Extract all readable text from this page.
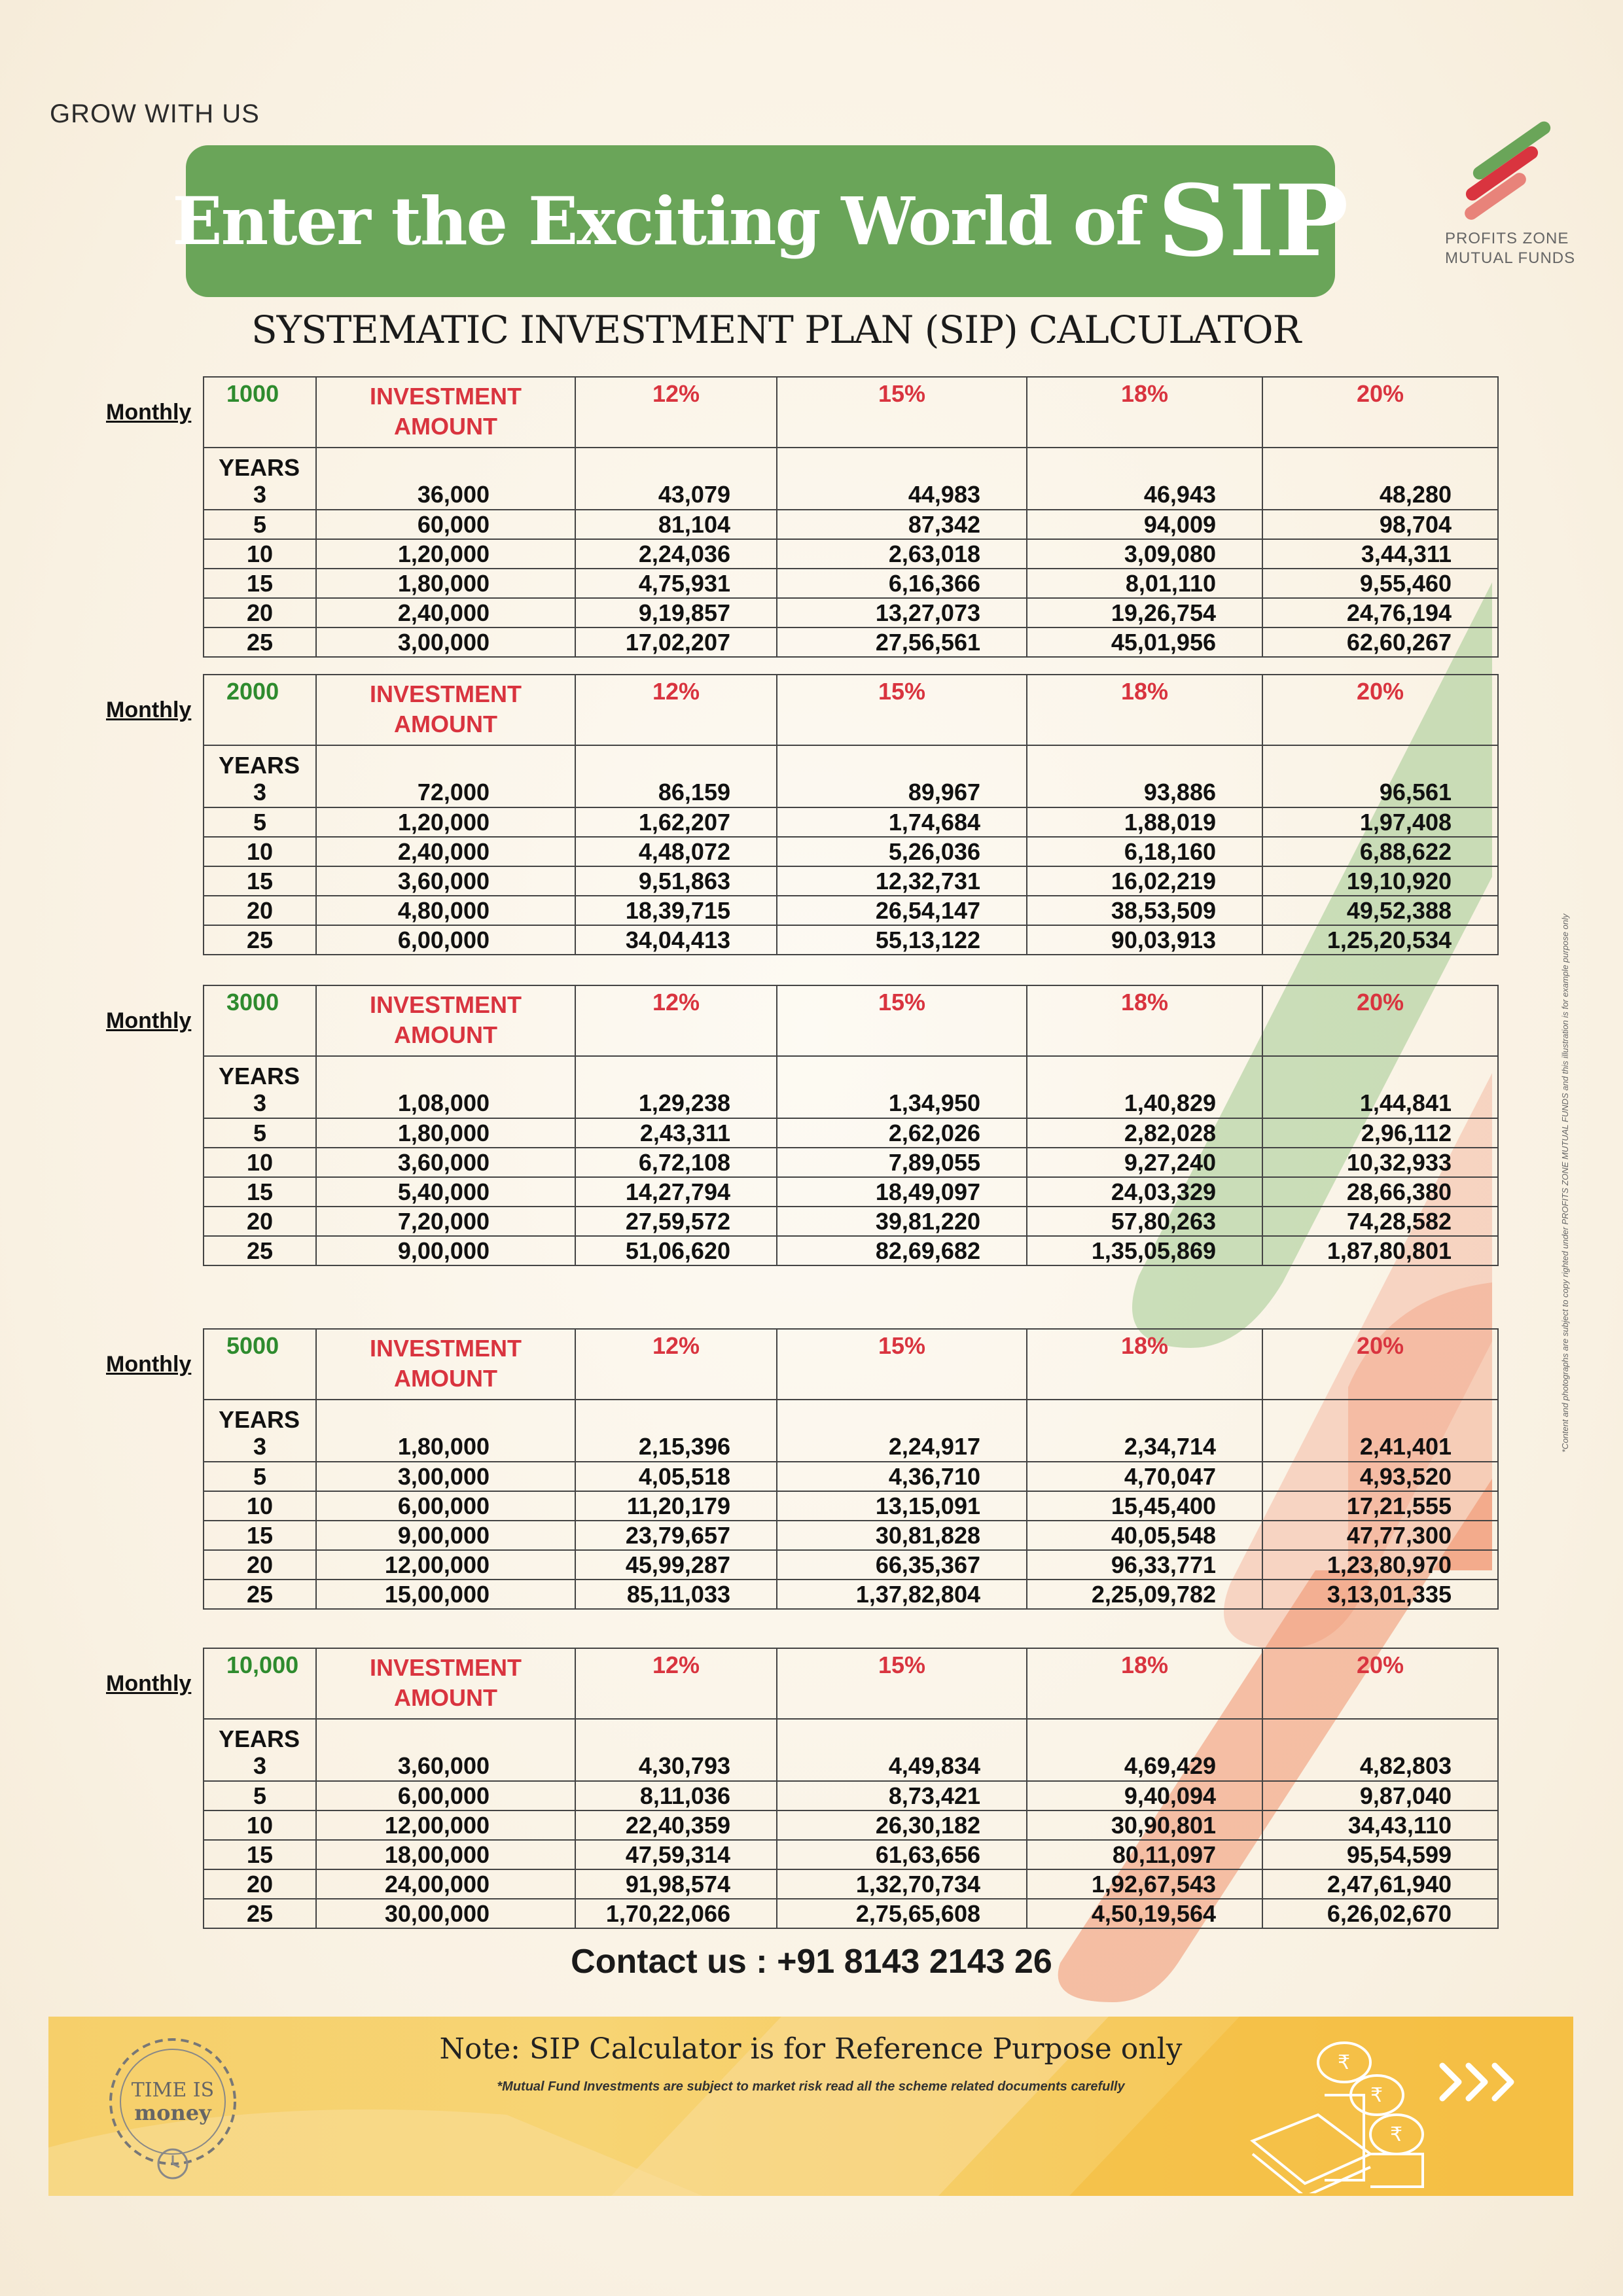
GROW WITH US
Enter the Exciting World of SIP	PROFITS ZONE
MUTUAL FUNDS
SYSTEMATIC INVESTMENT PLAN (SIP) CALCULATOR
Monthly
1000	INVESTMENT
AMOUNT	12%	15%	18%	20%
YEARS					
3	36,000	43,079	44,983	46,943	48,280
5	60,000	81,104	87,342	94,009	98,704
10	1,20,000	2,24,036	2,63,018	3,09,080	3,44,311
15	1,80,000	4,75,931	6,16,366	8,01,110	9,55,460
20	2,40,000	9,19,857	13,27,073	19,26,754	24,76,194
25	3,00,000	17,02,207	27,56,561	45,01,956	62,60,267
Monthly
2000	INVESTMENT
AMOUNT	12%	15%	18%	20%
YEARS					
3	72,000	86,159	89,967	93,886	96,561
5	1,20,000	1,62,207	1,74,684	1,88,019	1,97,408
10	2,40,000	4,48,072	5,26,036	6,18,160	6,88,622
15	3,60,000	9,51,863	12,32,731	16,02,219	19,10,920
20	4,80,000	18,39,715	26,54,147	38,53,509	49,52,388
25	6,00,000	34,04,413	55,13,122	90,03,913	1,25,20,534
Monthly
3000	INVESTMENT
AMOUNT	12%	15%	18%	20%
YEARS					
3	1,08,000	1,29,238	1,34,950	1,40,829	1,44,841
5	1,80,000	2,43,311	2,62,026	2,82,028	2,96,112
10	3,60,000	6,72,108	7,89,055	9,27,240	10,32,933
15	5,40,000	14,27,794	18,49,097	24,03,329	28,66,380
20	7,20,000	27,59,572	39,81,220	57,80,263	74,28,582
25	9,00,000	51,06,620	82,69,682	1,35,05,869	1,87,80,801
Monthly
5000	INVESTMENT
AMOUNT	12%	15%	18%	20%
YEARS					
3	1,80,000	2,15,396	2,24,917	2,34,714	2,41,401
5	3,00,000	4,05,518	4,36,710	4,70,047	4,93,520
10	6,00,000	11,20,179	13,15,091	15,45,400	17,21,555
15	9,00,000	23,79,657	30,81,828	40,05,548	47,77,300
20	12,00,000	45,99,287	66,35,367	96,33,771	1,23,80,970
25	15,00,000	85,11,033	1,37,82,804	2,25,09,782	3,13,01,335
Monthly
10,000	INVESTMENT
AMOUNT	12%	15%	18%	20%
YEARS					
3	3,60,000	4,30,793	4,49,834	4,69,429	4,82,803
5	6,00,000	8,11,036	8,73,421	9,40,094	9,87,040
10	12,00,000	22,40,359	26,30,182	30,90,801	34,43,110
15	18,00,000	47,59,314	61,63,656	80,11,097	95,54,599
20	24,00,000	91,98,574	1,32,70,734	1,92,67,543	2,47,61,940
25	30,00,000	1,70,22,066	2,75,65,608	4,50,19,564	6,26,02,670
Contact us : +91 8143 2143 26
TIME IS
money
Note: SIP Calculator is for Reference Purpose only
*Mutual Fund Investments are subject to market risk read all the scheme related documents carefully
₹
₹
₹
*Content and photographs are subject to copy righted under PROFITS ZONE MUTUAL FUNDS and this illustration is for example purpose only
